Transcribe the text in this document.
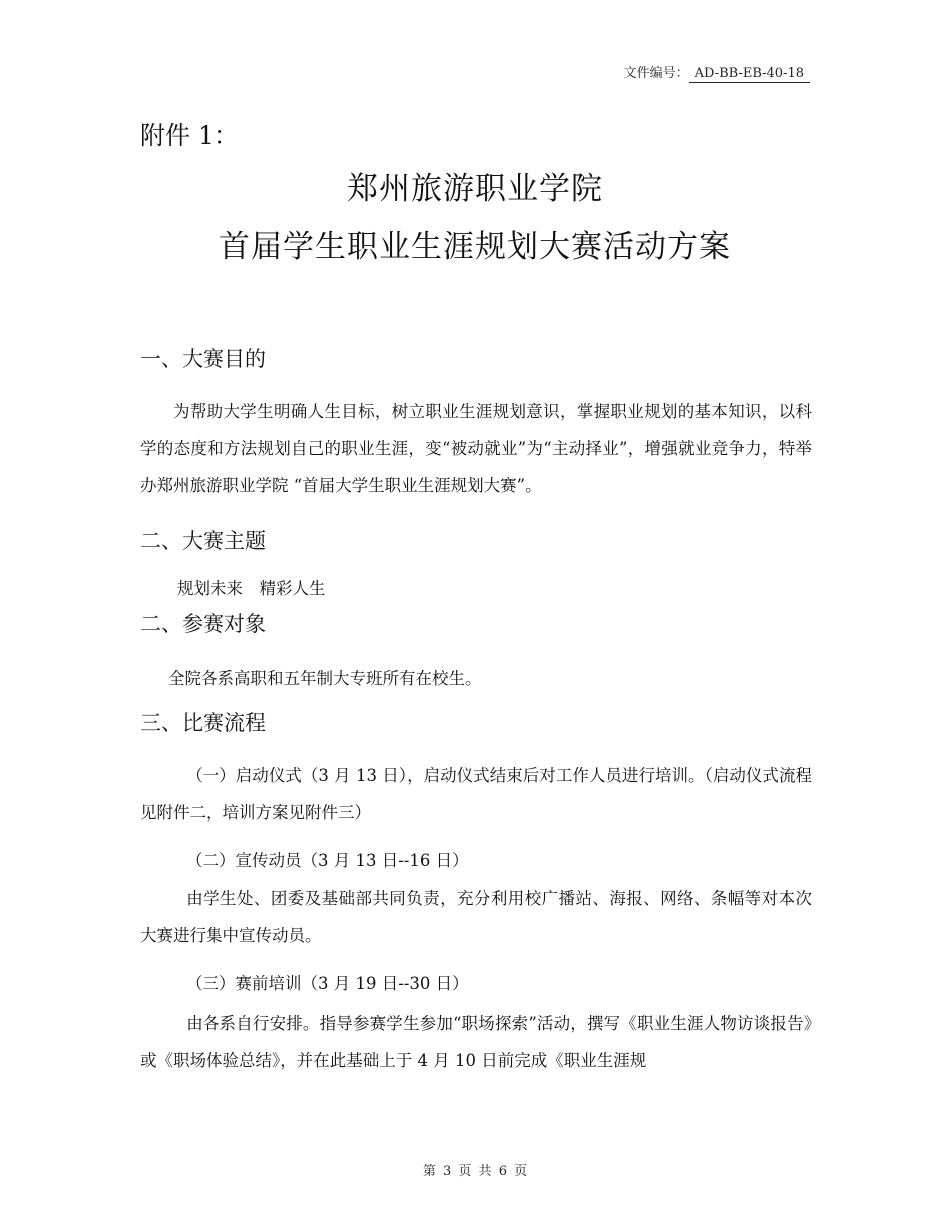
文件编号： AD-BB-EB-40-18
附件 1：
郑州旅游职业学院
首届学生职业生涯规划大赛活动方案
一、大赛目的
为帮助大学生明确人生目标，树立职业生涯规划意识，掌握职业规划的基本知识，以科学的态度和方法规划自己的职业生涯，变“被动就业”为“主动择业”，增强就业竞争力，特举办郑州旅游职业学院 “首届大学生职业生涯规划大赛”。
二、大赛主题
规划未来　精彩人生
二、参赛对象
全院各系高职和五年制大专班所有在校生。
三、比赛流程
（一）启动仪式（3 月 13 日），启动仪式结束后对工作人员进行培训。（启动仪式流程见附件二，培训方案见附件三）
（二）宣传动员（3 月 13 日--16 日）
由学生处、团委及基础部共同负责，充分利用校广播站、海报、网络、条幅等对本次大赛进行集中宣传动员。
（三）赛前培训（3 月 19 日--30 日）
由各系自行安排。指导参赛学生参加“职场探索”活动，撰写《职业生涯人物访谈报告》或《职场体验总结》，并在此基础上于 4 月 10 日前完成《职业生涯规
第 3 页 共 6 页
